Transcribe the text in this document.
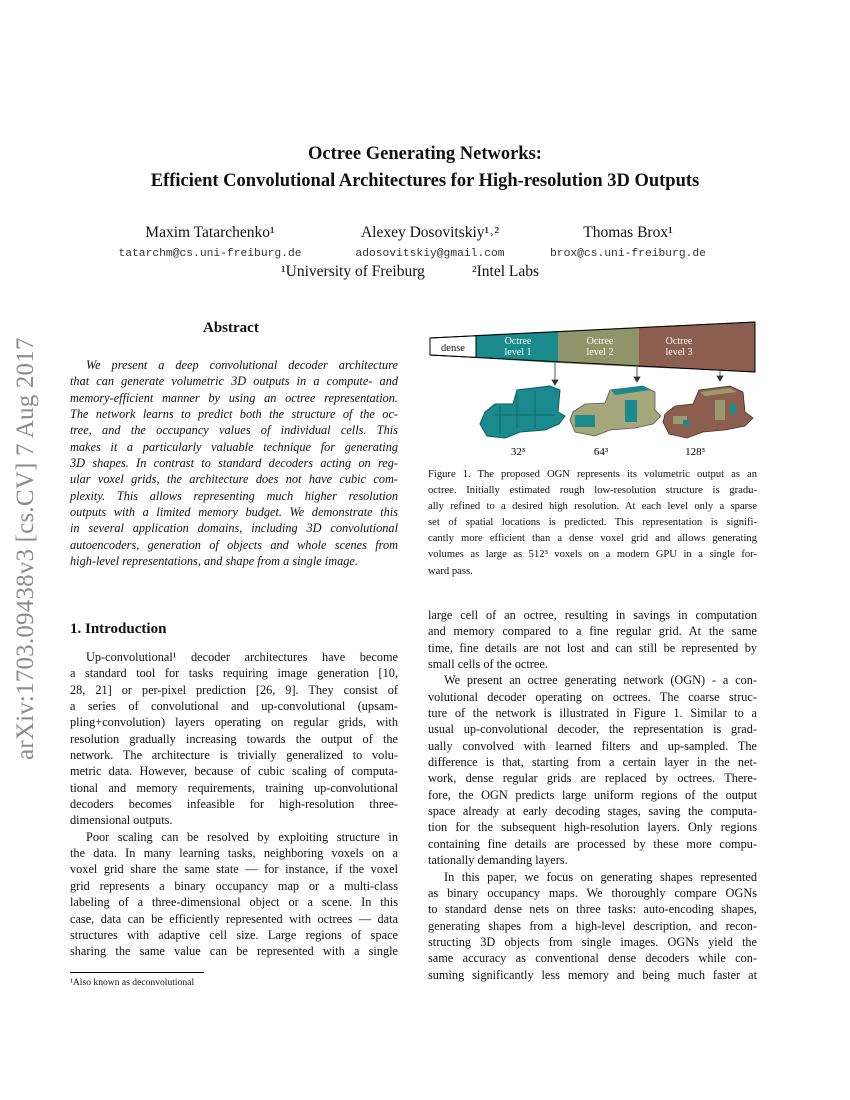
arXiv:1703.09438v3 [cs.CV] 7 Aug 2017
Octree Generating Networks:
Efficient Convolutional Architectures for High-resolution 3D Outputs
Maxim Tatarchenko¹
tatarchm@cs.uni-freiburg.de
Alexey Dosovitskiy¹˒²
adosovitskiy@gmail.com
Thomas Brox¹
brox@cs.uni-freiburg.de
¹University of Freiburg	²Intel Labs
Abstract
We present a deep convolutional decoder architecture
that can generate volumetric 3D outputs in a compute- and
memory-efficient manner by using an octree representation.
The network learns to predict both the structure of the oc-
tree, and the occupancy values of individual cells. This
makes it a particularly valuable technique for generating
3D shapes. In contrast to standard decoders acting on reg-
ular voxel grids, the architecture does not have cubic com-
plexity. This allows representing much higher resolution
outputs with a limited memory budget. We demonstrate this
in several application domains, including 3D convolutional
autoencoders, generation of objects and whole scenes from
high-level representations, and shape from a single image.
1. Introduction
Up-convolutional¹ decoder architectures have become
a standard tool for tasks requiring image generation [10,
28, 21] or per-pixel prediction [26, 9]. They consist of
a series of convolutional and up-convolutional (upsam-
pling+convolution) layers operating on regular grids, with
resolution gradually increasing towards the output of the
network. The architecture is trivially generalized to volu-
metric data. However, because of cubic scaling of computa-
tional and memory requirements, training up-convolutional
decoders becomes infeasible for high-resolution three-
dimensional outputs.
Poor scaling can be resolved by exploiting structure in
the data. In many learning tasks, neighboring voxels on a
voxel grid share the same state — for instance, if the voxel
grid represents a binary occupancy map or a multi-class
labeling of a three-dimensional object or a scene. In this
case, data can be efficiently represented with octrees — data
structures with adaptive cell size. Large regions of space
sharing the same value can be represented with a single
¹Also known as deconvolutional
dense
Octree
level 1
Octree
level 2
Octree
level 3
32³	64³	128³
Figure 1. The proposed OGN represents its volumetric output as an
octree. Initially estimated rough low-resolution structure is gradu-
ally refined to a desired high resolution. At each level only a sparse
set of spatial locations is predicted. This representation is signifi-
cantly more efficient than a dense voxel grid and allows generating
volumes as large as 512³ voxels on a modern GPU in a single for-
ward pass.
large cell of an octree, resulting in savings in computation
and memory compared to a fine regular grid. At the same
time, fine details are not lost and can still be represented by
small cells of the octree.
We present an octree generating network (OGN) - a con-
volutional decoder operating on octrees. The coarse struc-
ture of the network is illustrated in Figure 1. Similar to a
usual up-convolutional decoder, the representation is grad-
ually convolved with learned filters and up-sampled. The
difference is that, starting from a certain layer in the net-
work, dense regular grids are replaced by octrees. There-
fore, the OGN predicts large uniform regions of the output
space already at early decoding stages, saving the computa-
tion for the subsequent high-resolution layers. Only regions
containing fine details are processed by these more compu-
tationally demanding layers.
In this paper, we focus on generating shapes represented
as binary occupancy maps. We thoroughly compare OGNs
to standard dense nets on three tasks: auto-encoding shapes,
generating shapes from a high-level description, and recon-
structing 3D objects from single images. OGNs yield the
same accuracy as conventional dense decoders while con-
suming significantly less memory and being much faster at
